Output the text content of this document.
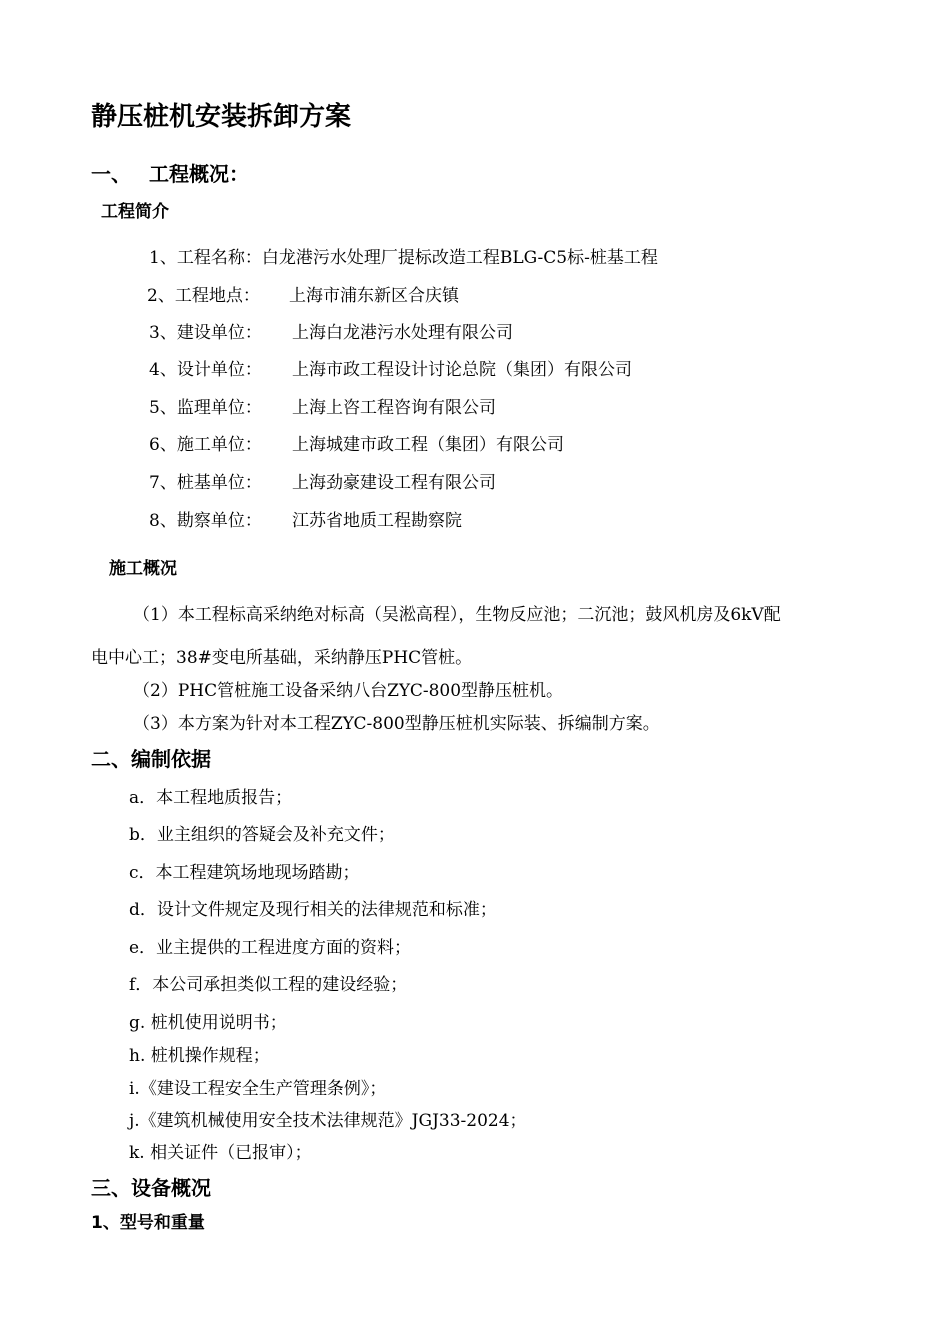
静压桩机安装拆卸方案
一、 工程概况：
工程简介
1、工程名称：白龙港污水处理厂提标改造工程BLG-C5标-桩基工程
2、工程地点： 上海市浦东新区合庆镇
3、建设单位： 上海白龙港污水处理有限公司
4、设计单位： 上海市政工程设计讨论总院（集团）有限公司
5、监理单位： 上海上咨工程咨询有限公司
6、施工单位： 上海城建市政工程（集团）有限公司
7、桩基单位： 上海劲豪建设工程有限公司
8、勘察单位： 江苏省地质工程勘察院
施工概况
（1）本工程标高采纳绝对标高（吴淞高程），生物反应池；二沉池；鼓风机房及6kV配
电中心工；38#变电所基础，采纳静压PHC管桩。
（2）PHC管桩施工设备采纳八台ZYC-800型静压桩机。
（3）本方案为针对本工程ZYC-800型静压桩机实际装、拆编制方案。
二、编制依据
a．本工程地质报告；
b．业主组织的答疑会及补充文件；
c．本工程建筑场地现场踏勘；
d．设计文件规定及现行相关的法律规范和标准；
e．业主提供的工程进度方面的资料；
f．本公司承担类似工程的建设经验；
g. 桩机使用说明书；
h. 桩机操作规程；
i.《建设工程安全生产管理条例》；
j.《建筑机械使用安全技术法律规范》JGJ33-2024；
k. 相关证件（已报审）；
三、设备概况
1、型号和重量
